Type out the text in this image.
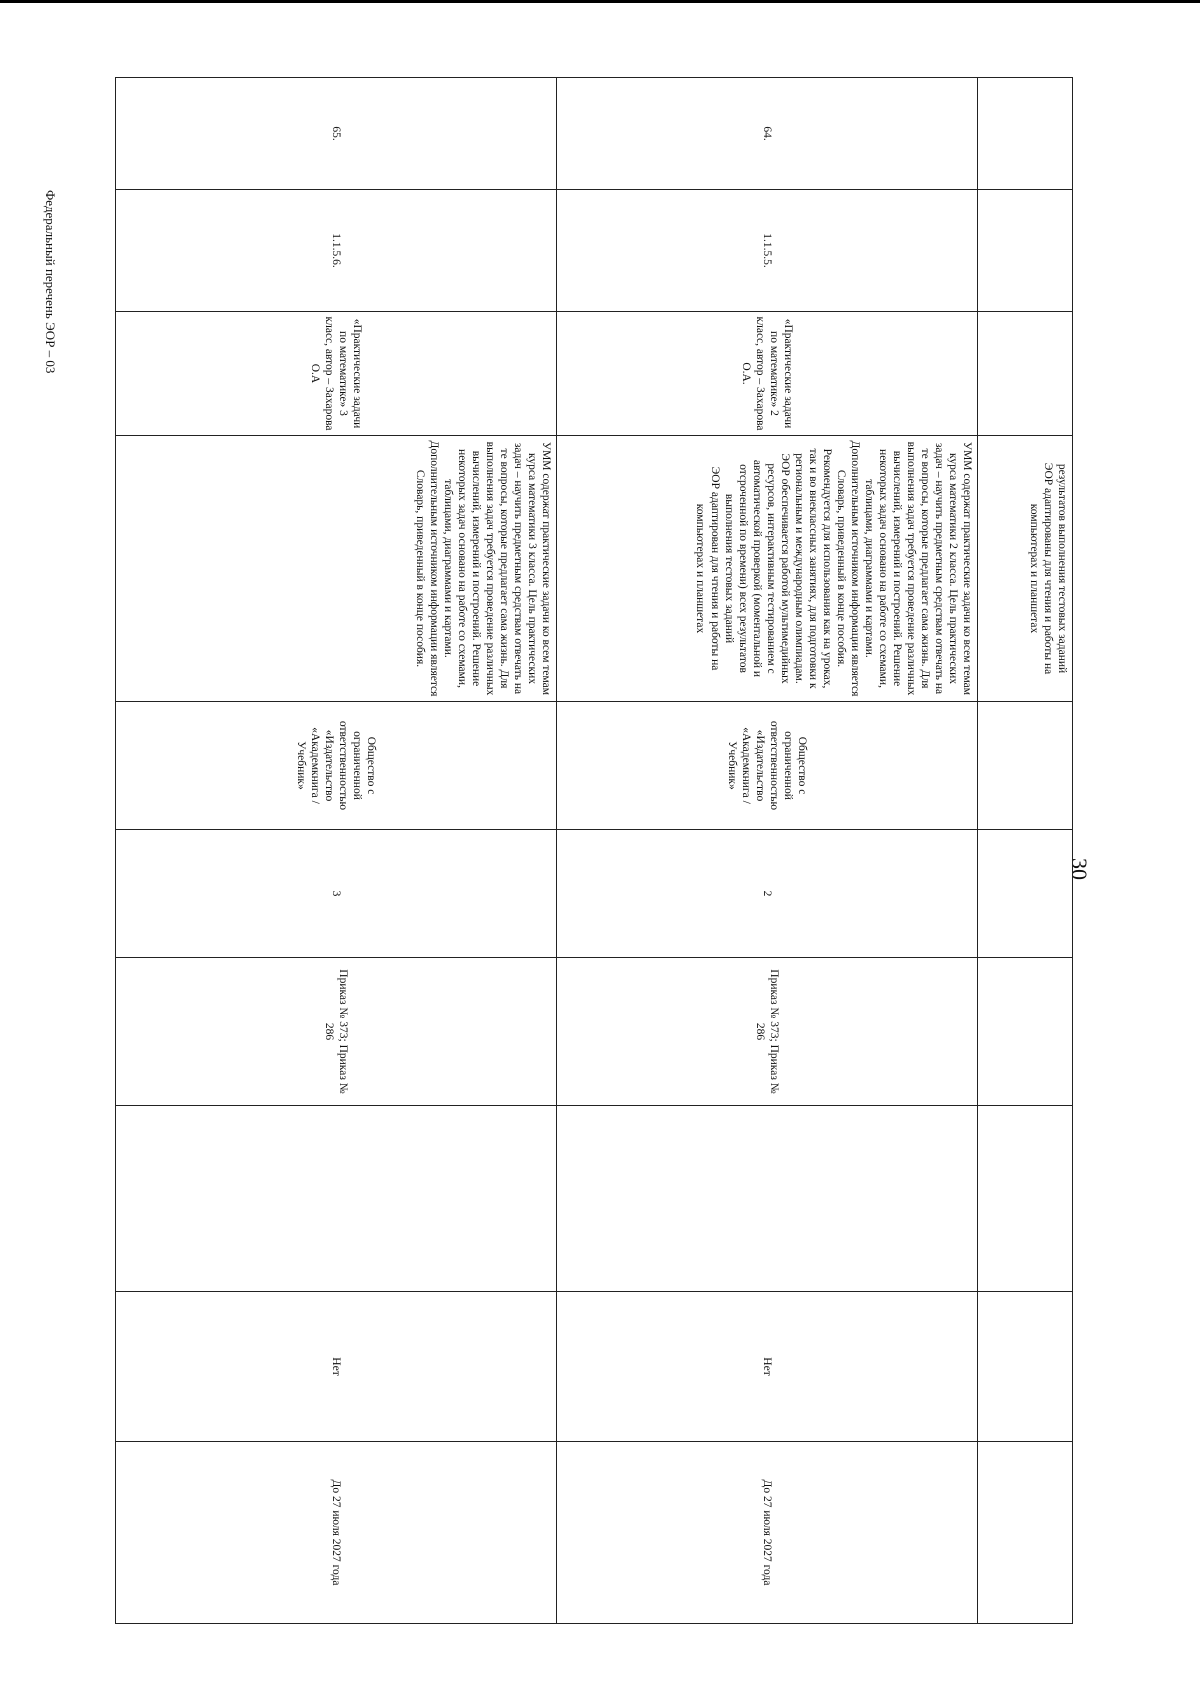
Федеральный перечень ЭОР – 03
30
			результатов выполнения тестовых заданий
ЭОР адаптированы для чтения и работы на компьютерах и планшетах						
64.	1.1.5.5.	«Практические задачи по математике» 2 класс, автор – Захарова О.А.	УММ содержат практические задачи ко всем темам курса математики 2 класса. Цель практических задач – научить предметным средствам отвечать на те вопросы, которые предлагает сама жизнь. Для выполнения задач требуется проведение различных вычислений, измерений и построений. Решение некоторых задач основано на работе со схемами, таблицами, диаграммами и картами.
Дополнительным источником информации является Словарь, приведенный в конце пособия.
Рекомендуется для использования как на уроках, так и во внеклассных занятиях, для подготовки к региональным и международным олимпиадам.
ЭОР обеспечивается работой мультимедийных ресурсов, интерактивным тестированием с автоматической проверкой (моментальной и отсроченной по времени) всех результатов выполнения тестовых заданий
ЭОР адаптирован для чтения и работы на компьютерах и планшетах	Общество с ограниченной ответственностью «Издательство «Академкнига / Учебник»	2	Приказ № 373; Приказ № 286		Нет	До 27 июля 2027 года
65.	1.1.5.6.	«Практические задачи по математике» 3 класс, автор – Захарова О.А	УММ содержат практические задачи ко всем темам курса математики 3 класса. Цель практических задач – научить предметным средствам отвечать на те вопросы, которые предлагает сама жизнь. Для выполнения задач требуется проведение различных вычислений, измерений и построений. Решение некоторых задач основано на работе со схемами, таблицами, диаграммами и картами.
Дополнительным источником информации является Словарь, приведенный в конце пособия.	Общество с ограниченной ответственностью «Издательство «Академкнига / Учебник»	3	Приказ № 373; Приказ № 286		Нет	До 27 июля 2027 года
